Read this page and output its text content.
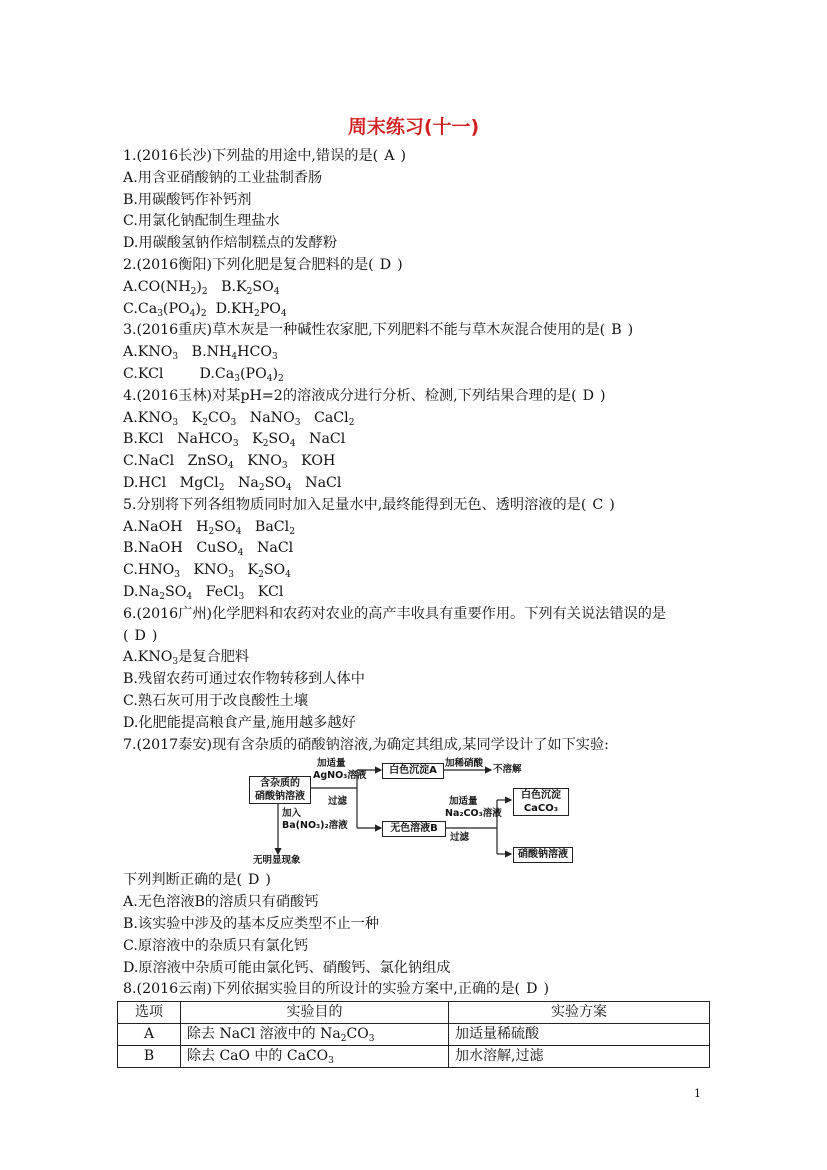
周末练习(十一)
1.(2016长沙)下列盐的用途中,错误的是( A )
A.用含亚硝酸钠的工业盐制香肠
B.用碳酸钙作补钙剂
C.用氯化钠配制生理盐水
D.用碳酸氢钠作焙制糕点的发酵粉
2.(2016衡阳)下列化肥是复合肥料的是( D )
$A.CO(NH_2)_2$   $B.K_2SO_4$
$C.Ca_3(PO_4)_2$  $D.KH_2PO_4$
3.(2016重庆)草木灰是一种碱性农家肥,下列肥料不能与草木灰混合使用的是( B )
$A.KNO_3$   $B.NH_4HCO_3$
C.KCl        $D.Ca_3(PO_4)_2$
4.(2016玉林)对某pH=2的溶液成分进行分析、检测,下列结果合理的是( D )
$A.KNO_3$   $K_2CO_3$   NaNO$_3$   CaCl$_2$
B.KCl   NaHCO$_3$   $K_2SO_4$   NaCl
C.NaCl   ZnSO$_4$   $KNO_3$   KOH
D.HCl   MgCl$_2$   $Na_2SO_4$   NaCl
5.分别将下列各组物质同时加入足量水中,最终能得到无色、透明溶液的是( C )
A.NaOH   $H_2SO_4$   BaCl$_2$
B.NaOH   CuSO$_4$   NaCl
$C.HNO_3$   $KNO_3$   $K_2SO_4$
$D.Na_2SO_4$   FeCl$_3$   KCl
6.(2016广州)化学肥料和农药对农业的高产丰收具有重要作用。下列有关说法错误的是
( D )
$A.KNO_3$是复合肥料
B.残留农药可通过农作物转移到人体中
C.熟石灰可用于改良酸性土壤
D.化肥能提高粮食产量,施用越多越好
7.(2017泰安)现有含杂质的硝酸钠溶液,为确定其组成,某同学设计了如下实验:
含杂质的
硝酸钠溶液
加适量
AgNO₃溶液
过滤
白色沉淀A
加稀硝酸
不溶解
无色溶液B
加适量
Na₂CO₃溶液
过滤
白色沉淀
CaCO₃
硝酸钠溶液
加入
Ba(NO₃)₂溶液
无明显现象
下列判断正确的是( D )
A.无色溶液B的溶质只有硝酸钙
B.该实验中涉及的基本反应类型不止一种
C.原溶液中的杂质只有氯化钙
D.原溶液中杂质可能由氯化钙、硝酸钙、氯化钠组成
8.(2016云南)下列依据实验目的所设计的实验方案中,正确的是( D )
选项	实验目的	实验方案
A	除去 NaCl 溶液中的 $Na_2CO_3$	加适量稀硫酸
B	除去 CaO 中的 CaCO$_3$	加水溶解,过滤
1
